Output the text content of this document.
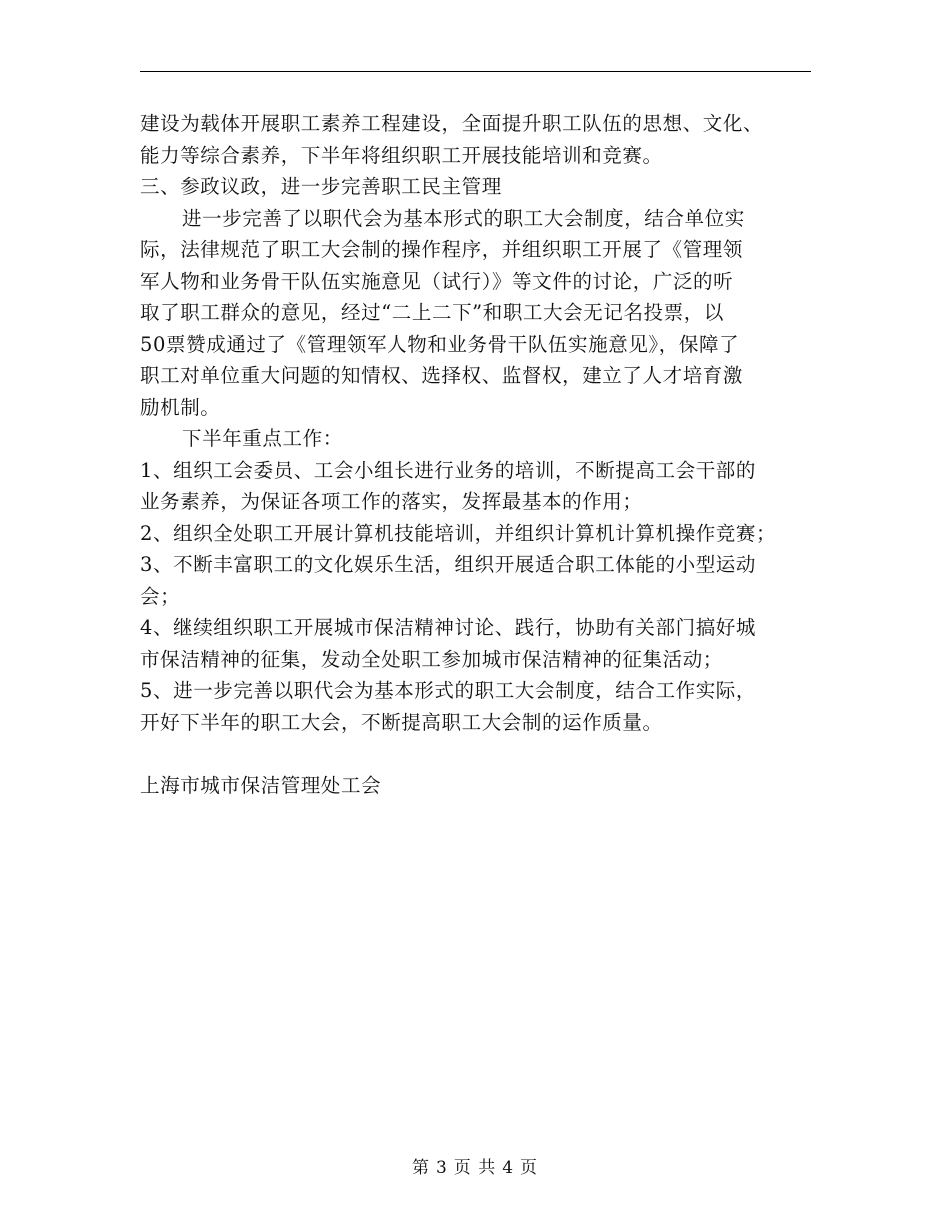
建设为载体开展职工素养工程建设，全面提升职工队伍的思想、文化、
能力等综合素养，下半年将组织职工开展技能培训和竞赛。
三、参政议政，进一步完善职工民主管理
进一步完善了以职代会为基本形式的职工大会制度，结合单位实
际，法律规范了职工大会制的操作程序，并组织职工开展了《管理领
军人物和业务骨干队伍实施意见（试行）》等文件的讨论，广泛的听
取了职工群众的意见，经过“二上二下”和职工大会无记名投票，以
50票赞成通过了《管理领军人物和业务骨干队伍实施意见》，保障了
职工对单位重大问题的知情权、选择权、监督权，建立了人才培育激
励机制。
下半年重点工作：
1、组织工会委员、工会小组长进行业务的培训，不断提高工会干部的
业务素养，为保证各项工作的落实，发挥最基本的作用；
2、组织全处职工开展计算机技能培训，并组织计算机计算机操作竞赛；
3、不断丰富职工的文化娱乐生活，组织开展适合职工体能的小型运动
会；
4、继续组织职工开展城市保洁精神讨论、践行，协助有关部门搞好城
市保洁精神的征集，发动全处职工参加城市保洁精神的征集活动；
5、进一步完善以职代会为基本形式的职工大会制度，结合工作实际，
开好下半年的职工大会，不断提高职工大会制的运作质量。
上海市城市保洁管理处工会
第 3 页 共 4 页
